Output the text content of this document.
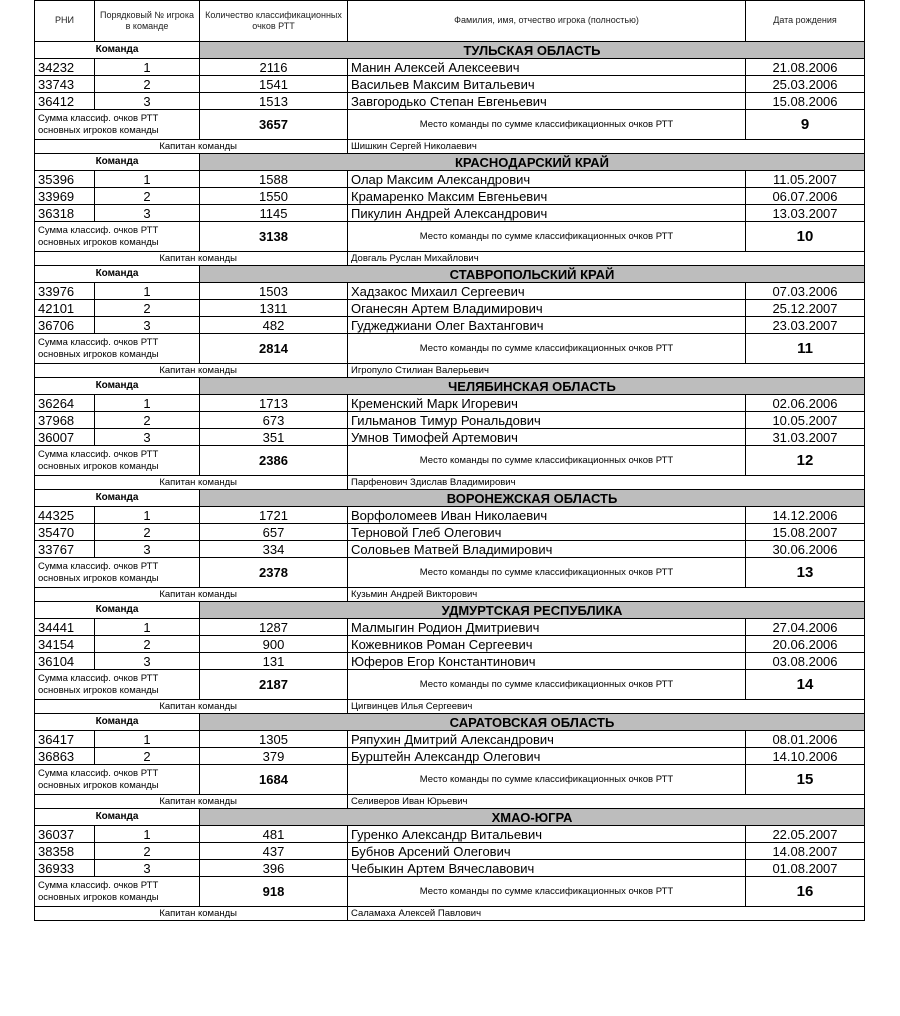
РНИ	Порядковый № игрока в команде	Количество классификационных очков РТТ	Фамилия, имя, отчество игрока (полностью)	Дата рождения
Команда		ТУЛЬСКАЯ ОБЛАСТЬ		
34232	1	2116	Манин Алексей Алексеевич	21.08.2006
33743	2	1541	Васильев Максим Витальевич	25.03.2006
36412	3	1513	Завгородько Степан Евгеньевич	15.08.2006
Сумма классиф. очков РТТ основных игроков команды		3657	Место команды по сумме классификационных очков РТТ	9
Капитан команды			Шишкин Сергей Николаевич	
Команда		КРАСНОДАРСКИЙ КРАЙ		
35396	1	1588	Олар Максим Александрович	11.05.2007
33969	2	1550	Крамаренко Максим Евгеньевич	06.07.2006
36318	3	1145	Пикулин Андрей Александрович	13.03.2007
Сумма классиф. очков РТТ основных игроков команды		3138	Место команды по сумме классификационных очков РТТ	10
Капитан команды			Довгаль Руслан Михайлович	
Команда		СТАВРОПОЛЬСКИЙ КРАЙ		
33976	1	1503	Хадзакос Михаил Сергеевич	07.03.2006
42101	2	1311	Оганесян Артем Владимирович	25.12.2007
36706	3	482	Гуджеджиани Олег Вахтангович	23.03.2007
Сумма классиф. очков РТТ основных игроков команды		2814	Место команды по сумме классификационных очков РТТ	11
Капитан команды			Игропуло Стилиан Валерьевич	
Команда		ЧЕЛЯБИНСКАЯ ОБЛАСТЬ		
36264	1	1713	Кременский Марк Игоревич	02.06.2006
37968	2	673	Гильманов Тимур Рональдович	10.05.2007
36007	3	351	Умнов Тимофей Артемович	31.03.2007
Сумма классиф. очков РТТ основных игроков команды		2386	Место команды по сумме классификационных очков РТТ	12
Капитан команды			Парфенович Здислав Владимирович	
Команда		ВОРОНЕЖСКАЯ ОБЛАСТЬ		
44325	1	1721	Ворфоломеев Иван Николаевич	14.12.2006
35470	2	657	Терновой Глеб Олегович	15.08.2007
33767	3	334	Соловьев Матвей Владимирович	30.06.2006
Сумма классиф. очков РТТ основных игроков команды		2378	Место команды по сумме классификационных очков РТТ	13
Капитан команды			Кузьмин Андрей Викторович	
Команда		УДМУРТСКАЯ РЕСПУБЛИКА		
34441	1	1287	Малмыгин Родион Дмитриевич	27.04.2006
34154	2	900	Кожевников Роман Сергеевич	20.06.2006
36104	3	131	Юферов Егор Константинович	03.08.2006
Сумма классиф. очков РТТ основных игроков команды		2187	Место команды по сумме классификационных очков РТТ	14
Капитан команды			Цигвинцев Илья Сергеевич	
Команда		САРАТОВСКАЯ ОБЛАСТЬ		
36417	1	1305	Ряпухин Дмитрий Александрович	08.01.2006
36863	2	379	Бурштейн Александр Олегович	14.10.2006
Сумма классиф. очков РТТ основных игроков команды		1684	Место команды по сумме классификационных очков РТТ	15
Капитан команды			Селиверов Иван Юрьевич	
Команда		ХМАО-ЮГРА		
36037	1	481	Гуренко Александр Витальевич	22.05.2007
38358	2	437	Бубнов Арсений Олегович	14.08.2007
36933	3	396	Чебыкин Артем Вячеславович	01.08.2007
Сумма классиф. очков РТТ основных игроков команды		918	Место команды по сумме классификационных очков РТТ	16
Капитан команды			Саламаха Алексей Павлович	
